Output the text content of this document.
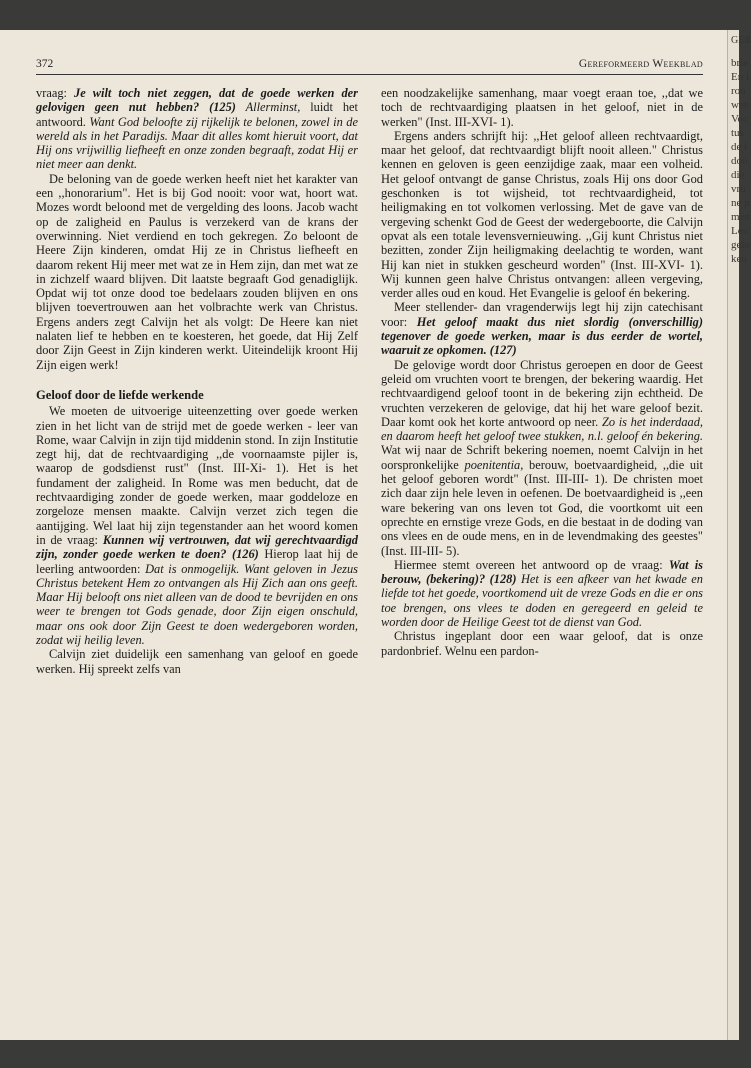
372	Gereformeerd Weekblad

vraag: Je wilt toch niet zeggen, dat de goede werken der gelovigen geen nut hebben? (125) Allerminst, luidt het antwoord. Want God beloofte zij rijkelijk te belonen, zowel in de wereld als in het Paradijs. Maar dit alles komt hieruit voort, dat Hij ons vrijwillig liefheeft en onze zonden begraaft, zodat Hij er niet meer aan denkt.

De beloning van de goede werken heeft niet het karakter van een ,,honorarium". Het is bij God nooit: voor wat, hoort wat. Mozes wordt beloond met de vergelding des loons. Jacob wacht op de zaligheid en Paulus is verzekerd van de krans der overwinning. Niet verdiend en toch gekregen. Zo beloont de Heere Zijn kinderen, omdat Hij ze in Christus liefheeft en daarom rekent Hij meer met wat ze in Hem zijn, dan met wat ze in zichzelf waard blijven. Dit laatste begraaft God genadiglijk. Opdat wij tot onze dood toe bedelaars zouden blijven en ons blijven toevertrouwen aan het volbrachte werk van Christus. Ergens anders zegt Calvijn het als volgt: De Heere kan niet nalaten lief te hebben en te koesteren, het goede, dat Hij Zelf door Zijn Geest in Zijn kinderen werkt. Uiteindelijk kroont Hij Zijn eigen werk!

Geloof door de liefde werkende

We moeten de uitvoerige uiteenzetting over goede werken zien in het licht van de strijd met de goede werken - leer van Rome, waar Calvijn in zijn tijd middenin stond. In zijn Institutie zegt hij, dat de rechtvaardiging ,,de voornaamste pijler is, waarop de godsdienst rust" (Inst. III-Xi- 1). Het is het fundament der zaligheid. In Rome was men beducht, dat de rechtvaardiging zonder de goede werken, maar goddeloze en zorgeloze mensen maakte. Calvijn verzet zich tegen die aantijging. Wel laat hij zijn tegenstander aan het woord komen in de vraag: Kunnen wij vertrouwen, dat wij gerechtvaardigd zijn, zonder goede werken te doen? (126) Hierop laat hij de leerling antwoorden: Dat is onmogelijk. Want geloven in Jezus Christus betekent Hem zo ontvangen als Hij Zich aan ons geeft. Maar Hij belooft ons niet alleen van de dood te bevrijden en ons weer te brengen tot Gods genade, door Zijn eigen onschuld, maar ons ook door Zijn Geest te doen wedergeboren worden, zodat wij heilig leven.

Calvijn ziet duidelijk een samenhang van geloof en goede werken. Hij spreekt zelfs van

een noodzakelijke samenhang, maar voegt eraan toe, ,,dat we toch de rechtvaardiging plaatsen in het geloof, niet in de werken" (Inst. III-XVI- 1).

Ergens anders schrijft hij: ,,Het geloof alleen rechtvaardigt, maar het geloof, dat rechtvaardigt blijft nooit alleen." Christus kennen en geloven is geen eenzijdige zaak, maar een volheid. Het geloof ontvangt de ganse Christus, zoals Hij ons door God geschonken is tot wijsheid, tot rechtvaardigheid, tot heiligmaking en tot volkomen verlossing. Met de gave van de vergeving schenkt God de Geest der wedergeboorte, die Calvijn opvat als een totale levensvernieuwing. ,,Gij kunt Christus niet bezitten, zonder Zijn heiligmaking deelachtig te worden, want Hij kan niet in stukken gescheurd worden" (Inst. III-XVI- 1). Wij kunnen geen halve Christus ontvangen: alleen vergeving, verder alles oud en koud. Het Evangelie is geloof én bekering.

Meer stellender- dan vragenderwijs legt hij zijn catechisant voor: Het geloof maakt dus niet slordig (onverschillig) tegenover de goede werken, maar is dus eerder de wortel, waaruit ze opkomen. (127)

De gelovige wordt door Christus geroepen en door de Geest geleid om vruchten voort te brengen, der bekering waardig. Het rechtvaardigend geloof toont in de bekering zijn echtheid. De vruchten verzekeren de gelovige, dat hij het ware geloof bezit. Daar komt ook het korte antwoord op neer. Zo is het inderdaad, en daarom heeft het geloof twee stukken, n.l. geloof én bekering. Wat wij naar de Schrift bekering noemen, noemt Calvijn in het oorspronkelijke poenitentia, berouw, boetvaardigheid, ,,die uit het geloof geboren wordt" (Inst. III-III- 1). De christen moet zich daar zijn hele leven in oefenen. De boetvaardigheid is ,,een ware bekering van ons leven tot God, die voortkomt uit een oprechte en ernstige vreze Gods, en die bestaat in de doding van ons vlees en de oude mens, en in de levendmaking des geestes" (Inst. III-III- 5).

Hiermee stemt overeen het antwoord op de vraag: Wat is berouw, (bekering)? (128) Het is een afkeer van het kwade en liefde tot het goede, voortkomend uit de vreze Gods en die er ons toe brengen, ons vlees te doden en geregeerd en geleid te worden door de Heilige Geest tot de dienst van God.

Christus ingeplant door een waar geloof, dat is onze pardonbrief. Welnu een pardon-

GER
brie
En i
rou
wee
Voc
tus
de l
doo
die
vru
ne p
mist
Lev
gelo
ken
